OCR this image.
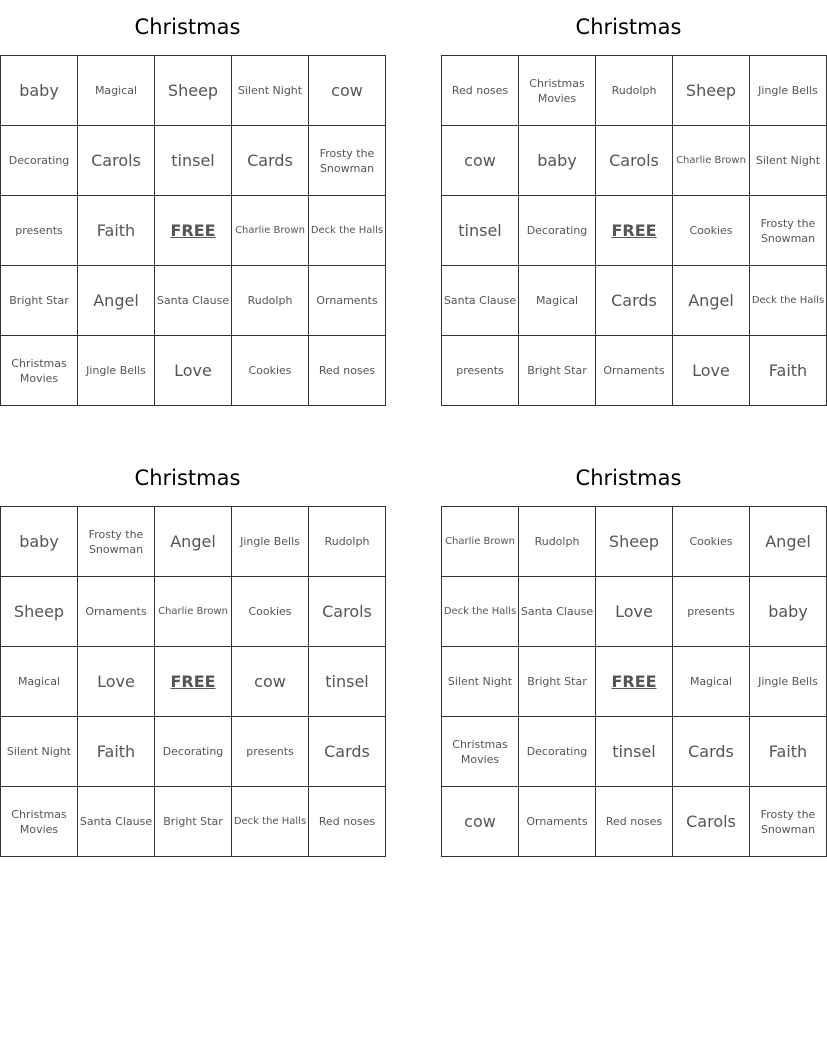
Christmas
baby	Magical	Sheep	Silent Night	cow
Decorating	Carols	tinsel	Cards	Frosty the Snowman
presents	Faith	FREE	Charlie Brown	Deck the Halls
Bright Star	Angel	Santa Clause	Rudolph	Ornaments
Christmas Movies	Jingle Bells	Love	Cookies	Red noses
Christmas
Red noses	Christmas Movies	Rudolph	Sheep	Jingle Bells
cow	baby	Carols	Charlie Brown	Silent Night
tinsel	Decorating	FREE	Cookies	Frosty the Snowman
Santa Clause	Magical	Cards	Angel	Deck the Halls
presents	Bright Star	Ornaments	Love	Faith
Christmas
baby	Frosty the Snowman	Angel	Jingle Bells	Rudolph
Sheep	Ornaments	Charlie Brown	Cookies	Carols
Magical	Love	FREE	cow	tinsel
Silent Night	Faith	Decorating	presents	Cards
Christmas Movies	Santa Clause	Bright Star	Deck the Halls	Red noses
Christmas
Charlie Brown	Rudolph	Sheep	Cookies	Angel
Deck the Halls	Santa Clause	Love	presents	baby
Silent Night	Bright Star	FREE	Magical	Jingle Bells
Christmas Movies	Decorating	tinsel	Cards	Faith
cow	Ornaments	Red noses	Carols	Frosty the Snowman
